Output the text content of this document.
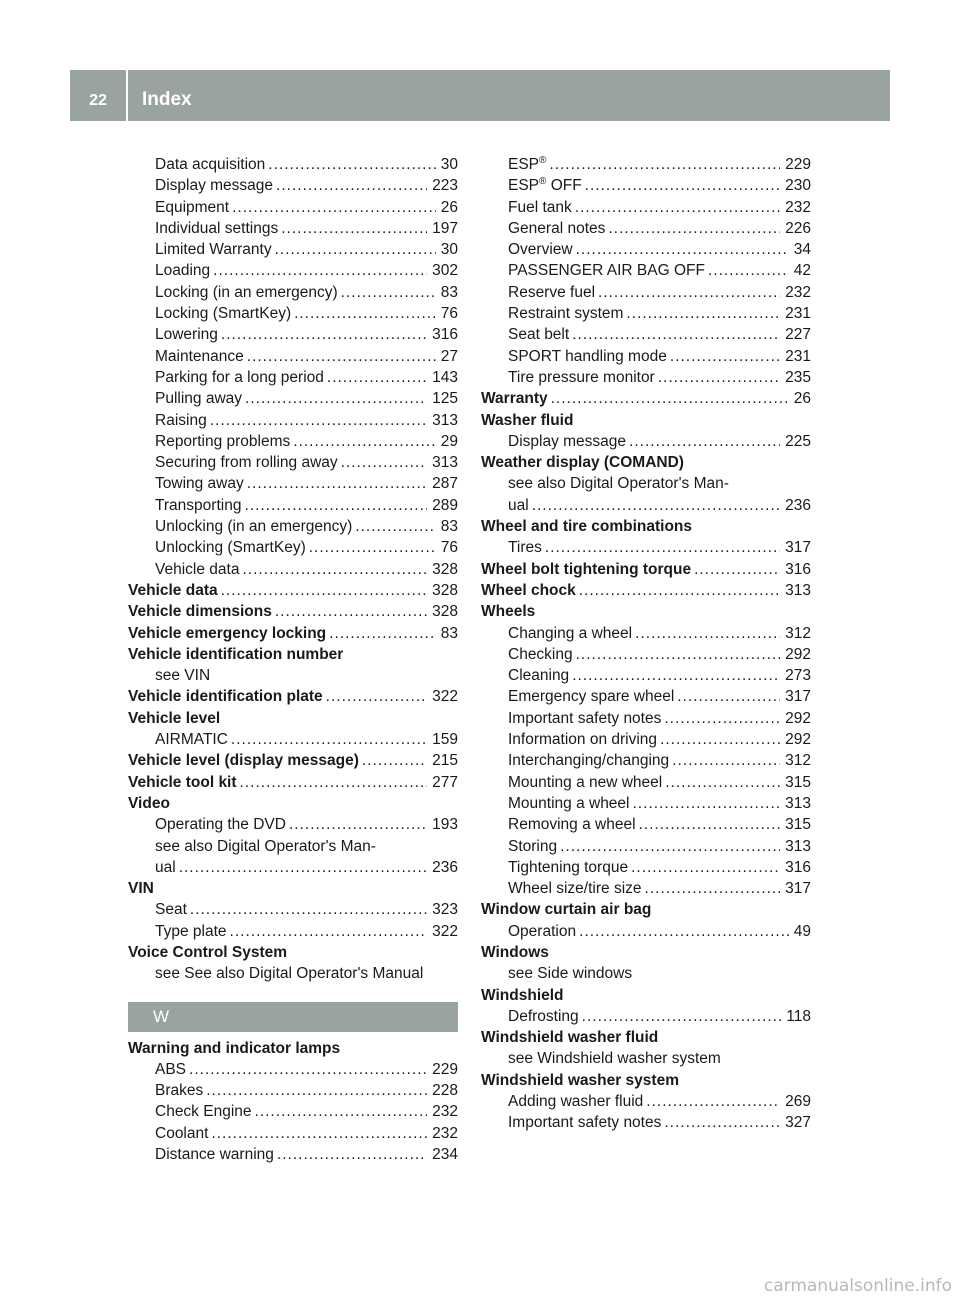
22	Index
Data acquisition .....	30
Display message .....	223
Equipment .....	26
Individual settings .....	197
Limited Warranty .....	30
Loading .....	302
Locking (in an emergency) .....	83
Locking (SmartKey) .....	76
Lowering .....	316
Maintenance .....	27
Parking for a long period .....	143
Pulling away .....	125
Raising .....	313
Reporting problems .....	29
Securing from rolling away .....	313
Towing away .....	287
Transporting .....	289
Unlocking (in an emergency) .....	83
Unlocking (SmartKey) .....	76
Vehicle data .....	328
Vehicle data .....	328
Vehicle dimensions .....	328
Vehicle emergency locking .....	83
Vehicle identification number
see VIN
Vehicle identification plate .....	322
Vehicle level
AIRMATIC .....	159
Vehicle level (display message) .....	215
Vehicle tool kit .....	277
Video
Operating the DVD .....	193
see also Digital Operator's Man-
ual .....	236
VIN
Seat .....	323
Type plate .....	322
Voice Control System
see See also Digital Operator's Manual
W
Warning and indicator lamps
ABS .....	229
Brakes .....	228
Check Engine .....	232
Coolant .....	232
Distance warning .....	234
ESP® .....	229
ESP® OFF .....	230
Fuel tank .....	232
General notes .....	226
Overview .....	34
PASSENGER AIR BAG OFF .....	42
Reserve fuel .....	232
Restraint system .....	231
Seat belt .....	227
SPORT handling mode .....	231
Tire pressure monitor .....	235
Warranty .....	26
Washer fluid
Display message .....	225
Weather display (COMAND)
see also Digital Operator's Man-
ual .....	236
Wheel and tire combinations
Tires .....	317
Wheel bolt tightening torque .....	316
Wheel chock .....	313
Wheels
Changing a wheel .....	312
Checking .....	292
Cleaning .....	273
Emergency spare wheel .....	317
Important safety notes .....	292
Information on driving .....	292
Interchanging/changing .....	312
Mounting a new wheel .....	315
Mounting a wheel .....	313
Removing a wheel .....	315
Storing .....	313
Tightening torque .....	316
Wheel size/tire size .....	317
Window curtain air bag
Operation .....	49
Windows
see Side windows
Windshield
Defrosting .....	118
Windshield washer fluid
see Windshield washer system
Windshield washer system
Adding washer fluid .....	269
Important safety notes .....	327
carmanualsonline.info
